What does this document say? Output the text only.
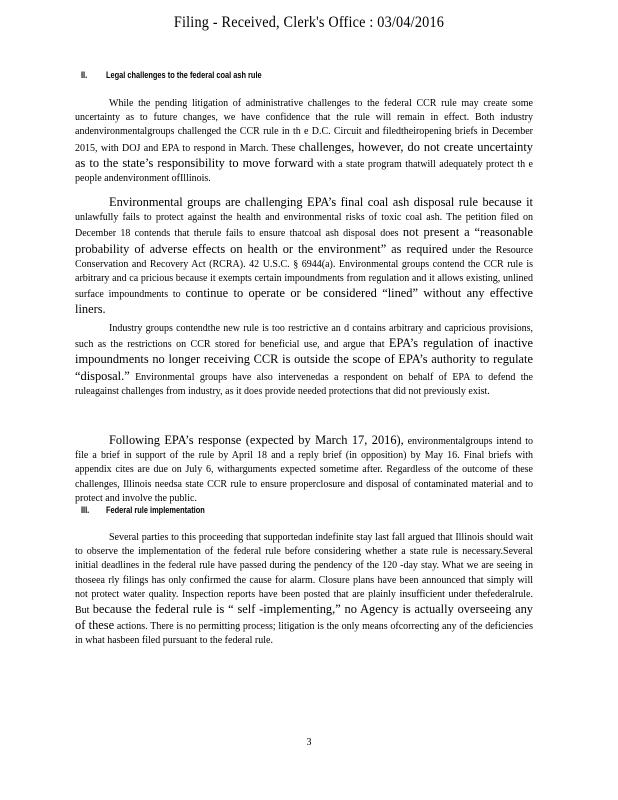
Filing - Received, Clerk's Office : 03/04/2016
II. Legal challenges to the federal coal ash rule
While the pending litigation of administrative challenges to the federal CCR rule may create some uncertainty as to future changes, we have confidence that the rule will remain in effect. Both industry andenvironmentalgroups challenged the CCR rule in th e D.C. Circuit and filedtheiropening briefs in December 2015, with DOJ and EPA to respond in March. These challenges, however, do not create uncertainty as to the state’s responsibility to move forward with a state program thatwill adequately protect th e people andenvironment ofIllinois.
Environmental groups are challenging EPA’s final coal ash disposal rule because it unlawfully fails to protect against the health and environmental risks of toxic coal ash. The petition filed on December 18 contends that therule fails to ensure thatcoal ash disposal does not present a “reasonable probability of adverse effects on health or the environment” as required under the Resource Conservation and Recovery Act (RCRA). 42 U.S.C. § 6944(a). Environmental groups contend the CCR rule is arbitrary and ca pricious because it exempts certain impoundments from regulation and it allows existing, unlined surface impoundments to continue to operate or be considered “lined” without any effective liners.
Industry groups contendthe new rule is too restrictive an d contains arbitrary and capricious provisions, such as the restrictions on CCR stored for beneficial use, and argue that EPA’s regulation of inactive impoundments no longer receiving CCR is outside the scope of EPA’s authority to regulate “disposal.” Environmental groups have also intervenedas a respondent on behalf of EPA to defend the ruleagainst challenges from industry, as it does provide needed protections that did not previously exist.
Following EPA’s response (expected by March 17, 2016), environmentalgroups intend to file a brief in support of the rule by April 18 and a reply brief (in opposition) by May 16. Final briefs with appendix cites are due on July 6, witharguments expected sometime after. Regardless of the outcome of these challenges, Illinois needsa state CCR rule to ensure properclosure and disposal of contaminated material and to protect and involve the public.
III. Federal rule implementation
Several parties to this proceeding that supportedan indefinite stay last fall argued that Illinois should wait to observe the implementation of the federal rule before considering whether a state rule is necessary.Several initial deadlines in the federal rule have passed during the pendency of the 120 -day stay. What we are seeing in thoseea rly filings has only confirmed the cause for alarm. Closure plans have been announced that simply will not protect water quality. Inspection reports have been posted that are plainly insufficient under thefederalrule. But because the federal rule is “ self -implementing,” no Agency is actually overseeing any of these actions. There is no permitting process; litigation is the only means ofcorrecting any of the deficiencies in what hasbeen filed pursuant to the federal rule.
3
